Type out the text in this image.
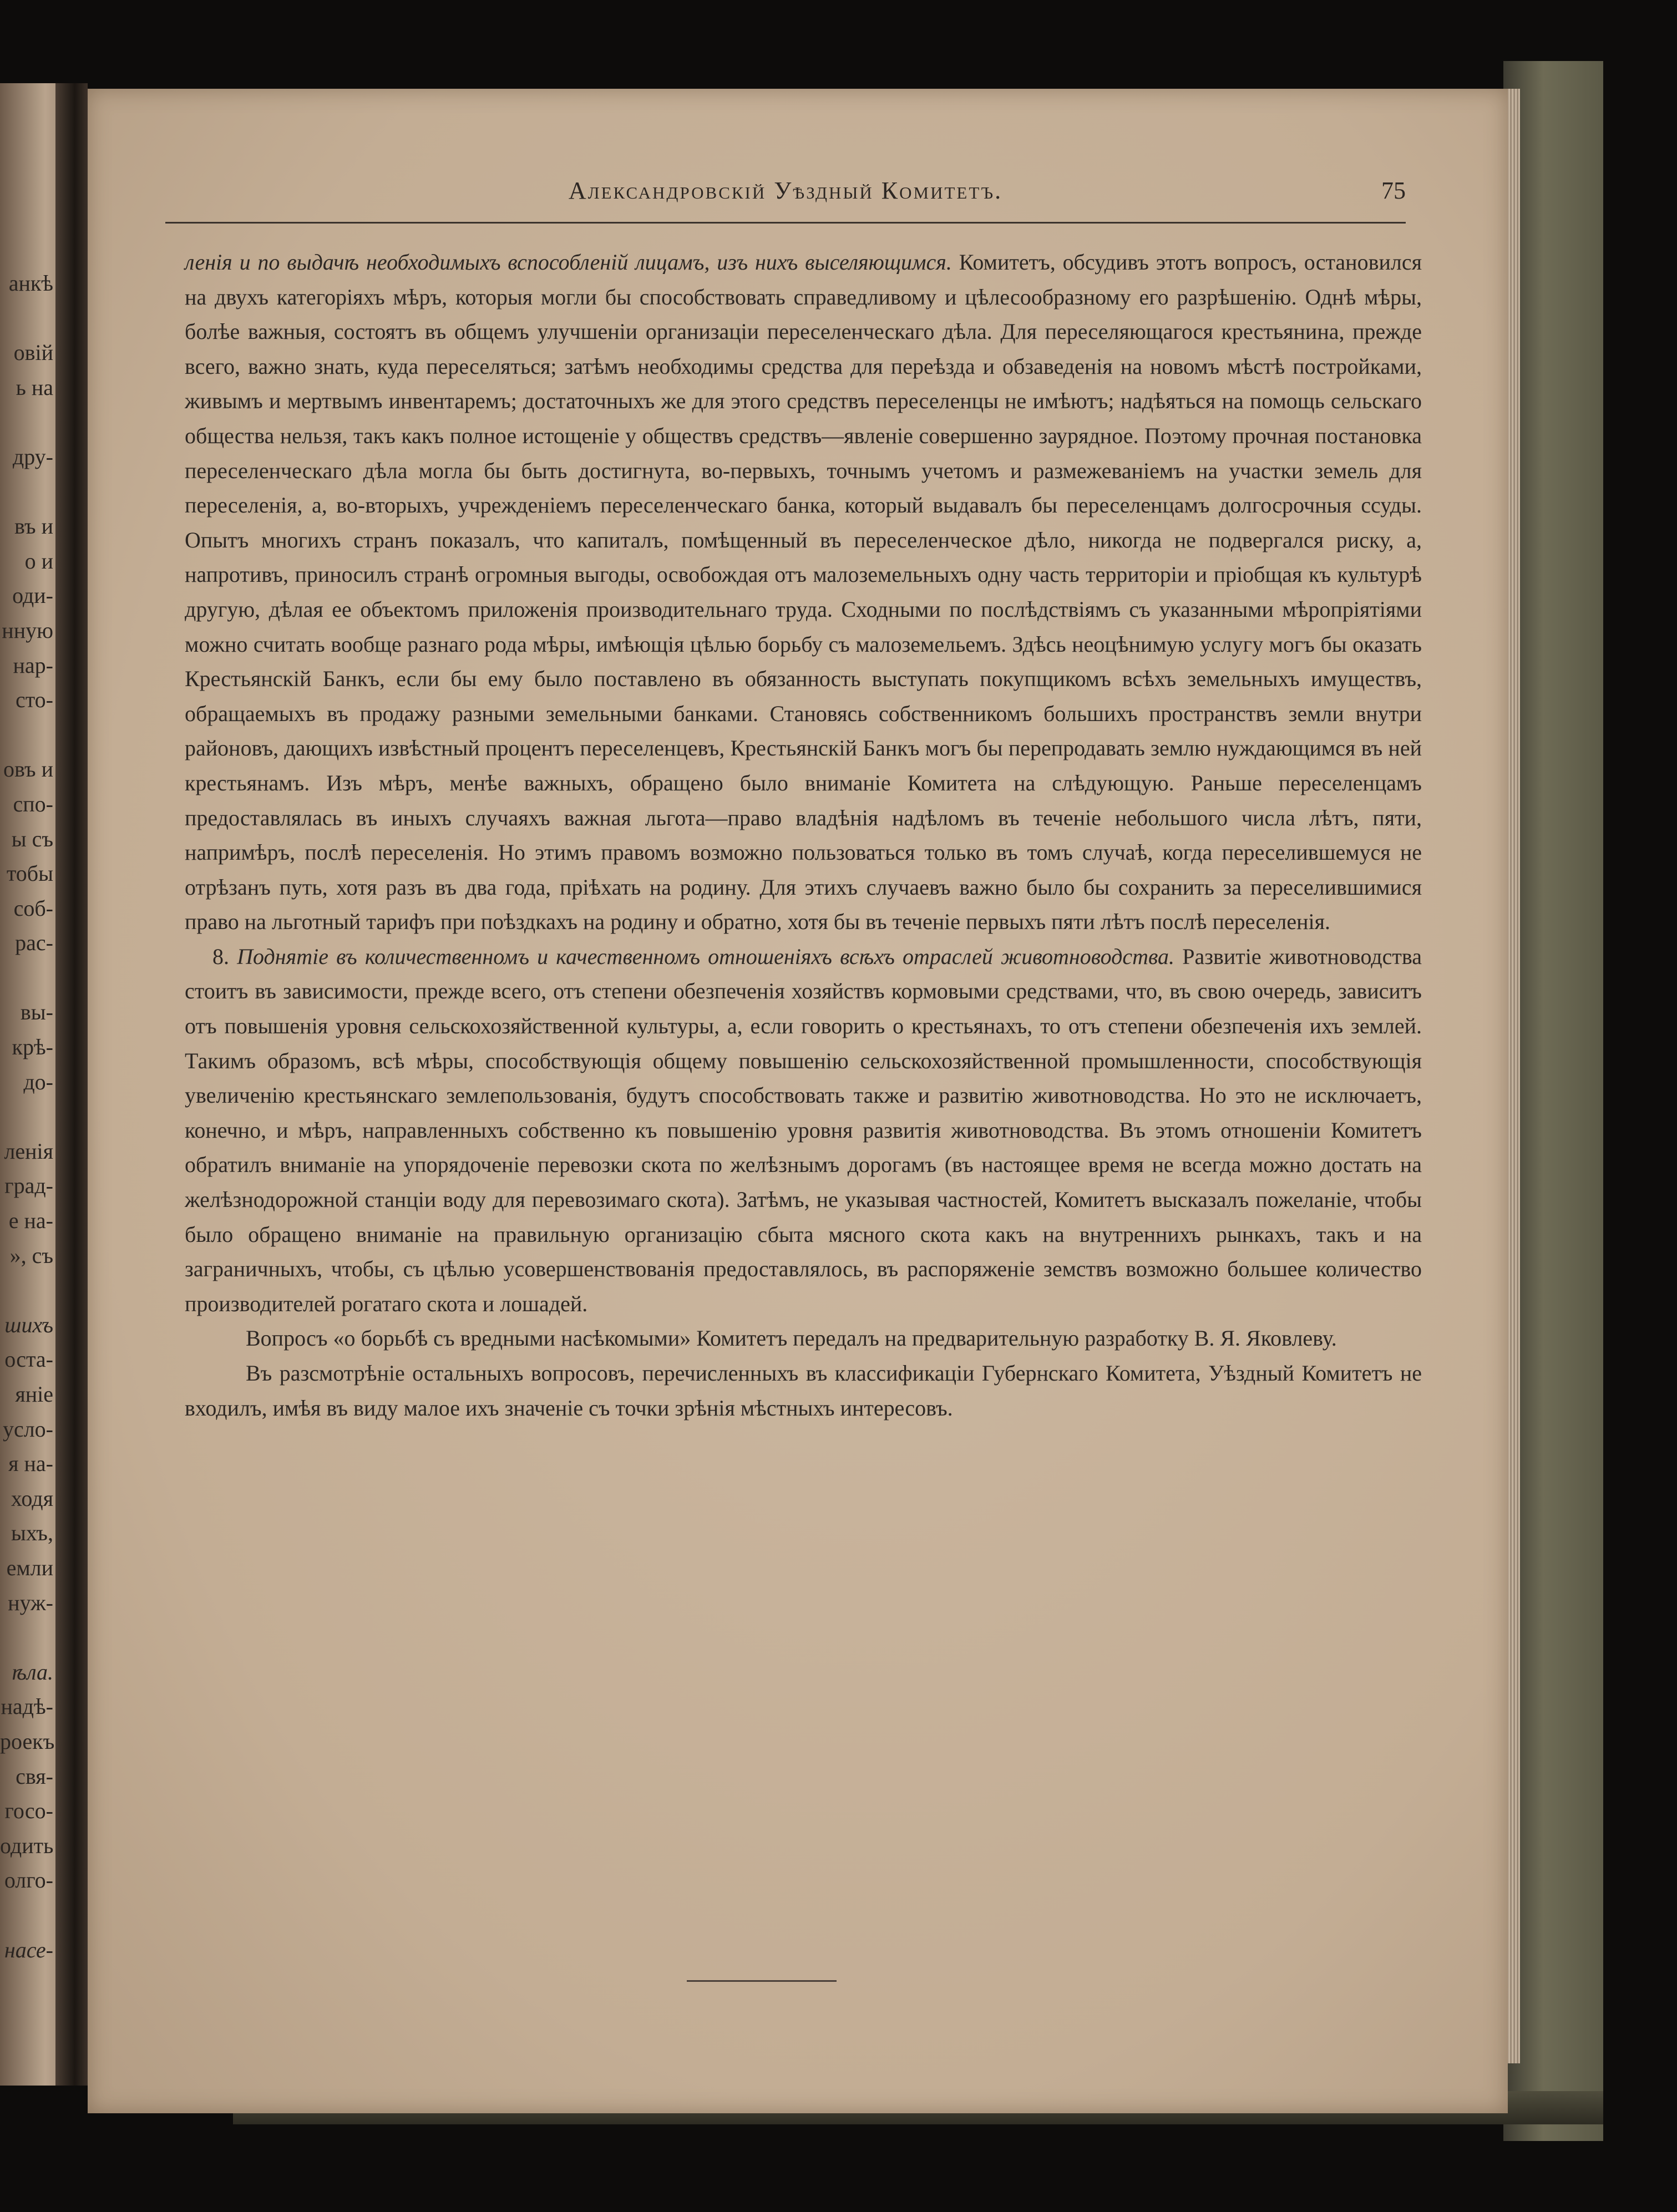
анкѣ
овій
ь на
дру-
въ и
о и
оди-
нную
нар-
сто-
овъ и
спо-
ы съ
тобы
соб-
рас-
вы-
крѣ-
до-
ленія
град-
е на-
», съ
шихъ
оста-
яніе
усло-
я на-
ходя
ыхъ,
емли
нуж-
ѣла.
надѣ-
роекъ
свя-
госо-
одить
олго-
насе-
Александровскій Уѣздный Комитетъ.	75

ленія и по выдачѣ необходимыхъ вспособленій лицамъ, изъ нихъ выселяющимся. Комитетъ, обсудивъ этотъ вопросъ, остановился на двухъ категоріяхъ мѣръ, которыя могли бы способствовать справедливому и цѣлесообразному его разрѣшенію. Однѣ мѣры, болѣе важныя, состоятъ въ общемъ улучшеніи организаціи переселенческаго дѣла. Для переселяющагося крестьянина, прежде всего, важно знать, куда переселяться; затѣмъ необходимы средства для переѣзда и обзаведенія на новомъ мѣстѣ постройками, живымъ и мертвымъ инвентаремъ; достаточныхъ же для этого средствъ переселенцы не имѣютъ; надѣяться на помощь сельскаго общества нельзя, такъ какъ полное истощеніе у обществъ средствъ—явленіе совершенно заурядное. Поэтому прочная постановка переселенческаго дѣла могла бы быть достигнута, во-первыхъ, точнымъ учетомъ и размежеваніемъ на участки земель для переселенія, а, во-вторыхъ, учрежденіемъ переселенческаго банка, который выдавалъ бы переселенцамъ долгосрочныя ссуды. Опытъ многихъ странъ показалъ, что капиталъ, помѣщенный въ переселенческое дѣло, никогда не подвергался риску, а, напротивъ, приносилъ странѣ огромныя выгоды, освобождая отъ малоземельныхъ одну часть территоріи и пріобщая къ культурѣ другую, дѣлая ее объектомъ приложенія производительнаго труда. Сходными по послѣдствіямъ съ указанными мѣропріятіями можно считать вообще разнаго рода мѣры, имѣющія цѣлью борьбу съ малоземельемъ. Здѣсь неоцѣнимую услугу могъ бы оказать Крестьянскій Банкъ, если бы ему было поставлено въ обязанность выступать покупщикомъ всѣхъ земельныхъ имуществъ, обращаемыхъ въ продажу разными земельными банками. Становясь собственникомъ большихъ пространствъ земли внутри районовъ, дающихъ извѣстный процентъ переселенцевъ, Крестьянскій Банкъ могъ бы перепродавать землю нуждающимся въ ней крестьянамъ. Изъ мѣръ, менѣе важныхъ, обращено было вниманіе Комитета на слѣдующую. Раньше переселенцамъ предоставлялась въ иныхъ случаяхъ важная льгота—право владѣнія надѣломъ въ теченіе небольшого числа лѣтъ, пяти, напримѣръ, послѣ переселенія. Но этимъ правомъ возможно пользоваться только въ томъ случаѣ, когда переселившемуся не отрѣзанъ путь, хотя разъ въ два года, пріѣхать на родину. Для этихъ случаевъ важно было бы сохранить за переселившимися право на льготный тарифъ при поѣздкахъ на родину и обратно, хотя бы въ теченіе первыхъ пяти лѣтъ послѣ переселенія.

8. Поднятіе въ количественномъ и качественномъ отношеніяхъ всѣхъ отраслей животноводства. Развитіе животноводства стоитъ въ зависимости, прежде всего, отъ степени обезпеченія хозяйствъ кормовыми средствами, что, въ свою очередь, зависитъ отъ повышенія уровня сельскохозяйственной культуры, а, если говорить о крестьянахъ, то отъ степени обезпеченія ихъ землей. Такимъ образомъ, всѣ мѣры, способствующія общему повышенію сельскохозяйственной промышленности, способствующія увеличенію крестьянскаго землепользованія, будутъ способствовать также и развитію животноводства. Но это не исключаетъ, конечно, и мѣръ, направленныхъ собственно къ повышенію уровня развитія животноводства. Въ этомъ отношеніи Комитетъ обратилъ вниманіе на упорядоченіе перевозки скота по желѣзнымъ дорогамъ (въ настоящее время не всегда можно достать на желѣзнодорожной станціи воду для перевозимаго скота). Затѣмъ, не указывая частностей, Комитетъ высказалъ пожеланіе, чтобы было обращено вниманіе на правильную организацію сбыта мясного скота какъ на внутреннихъ рынкахъ, такъ и на заграничныхъ, чтобы, съ цѣлью усовершенствованія предоставлялось, въ распоряженіе земствъ возможно большее количество производителей рогатаго скота и лошадей.

Вопросъ «о борьбѣ съ вредными насѣкомыми» Комитетъ передалъ на предварительную разработку В. Я. Яковлеву.

Въ разсмотрѣніе остальныхъ вопросовъ, перечисленныхъ въ классификаціи Губернскаго Комитета, Уѣздный Комитетъ не входилъ, имѣя въ виду малое ихъ значеніе съ точки зрѣнія мѣстныхъ интересовъ.
